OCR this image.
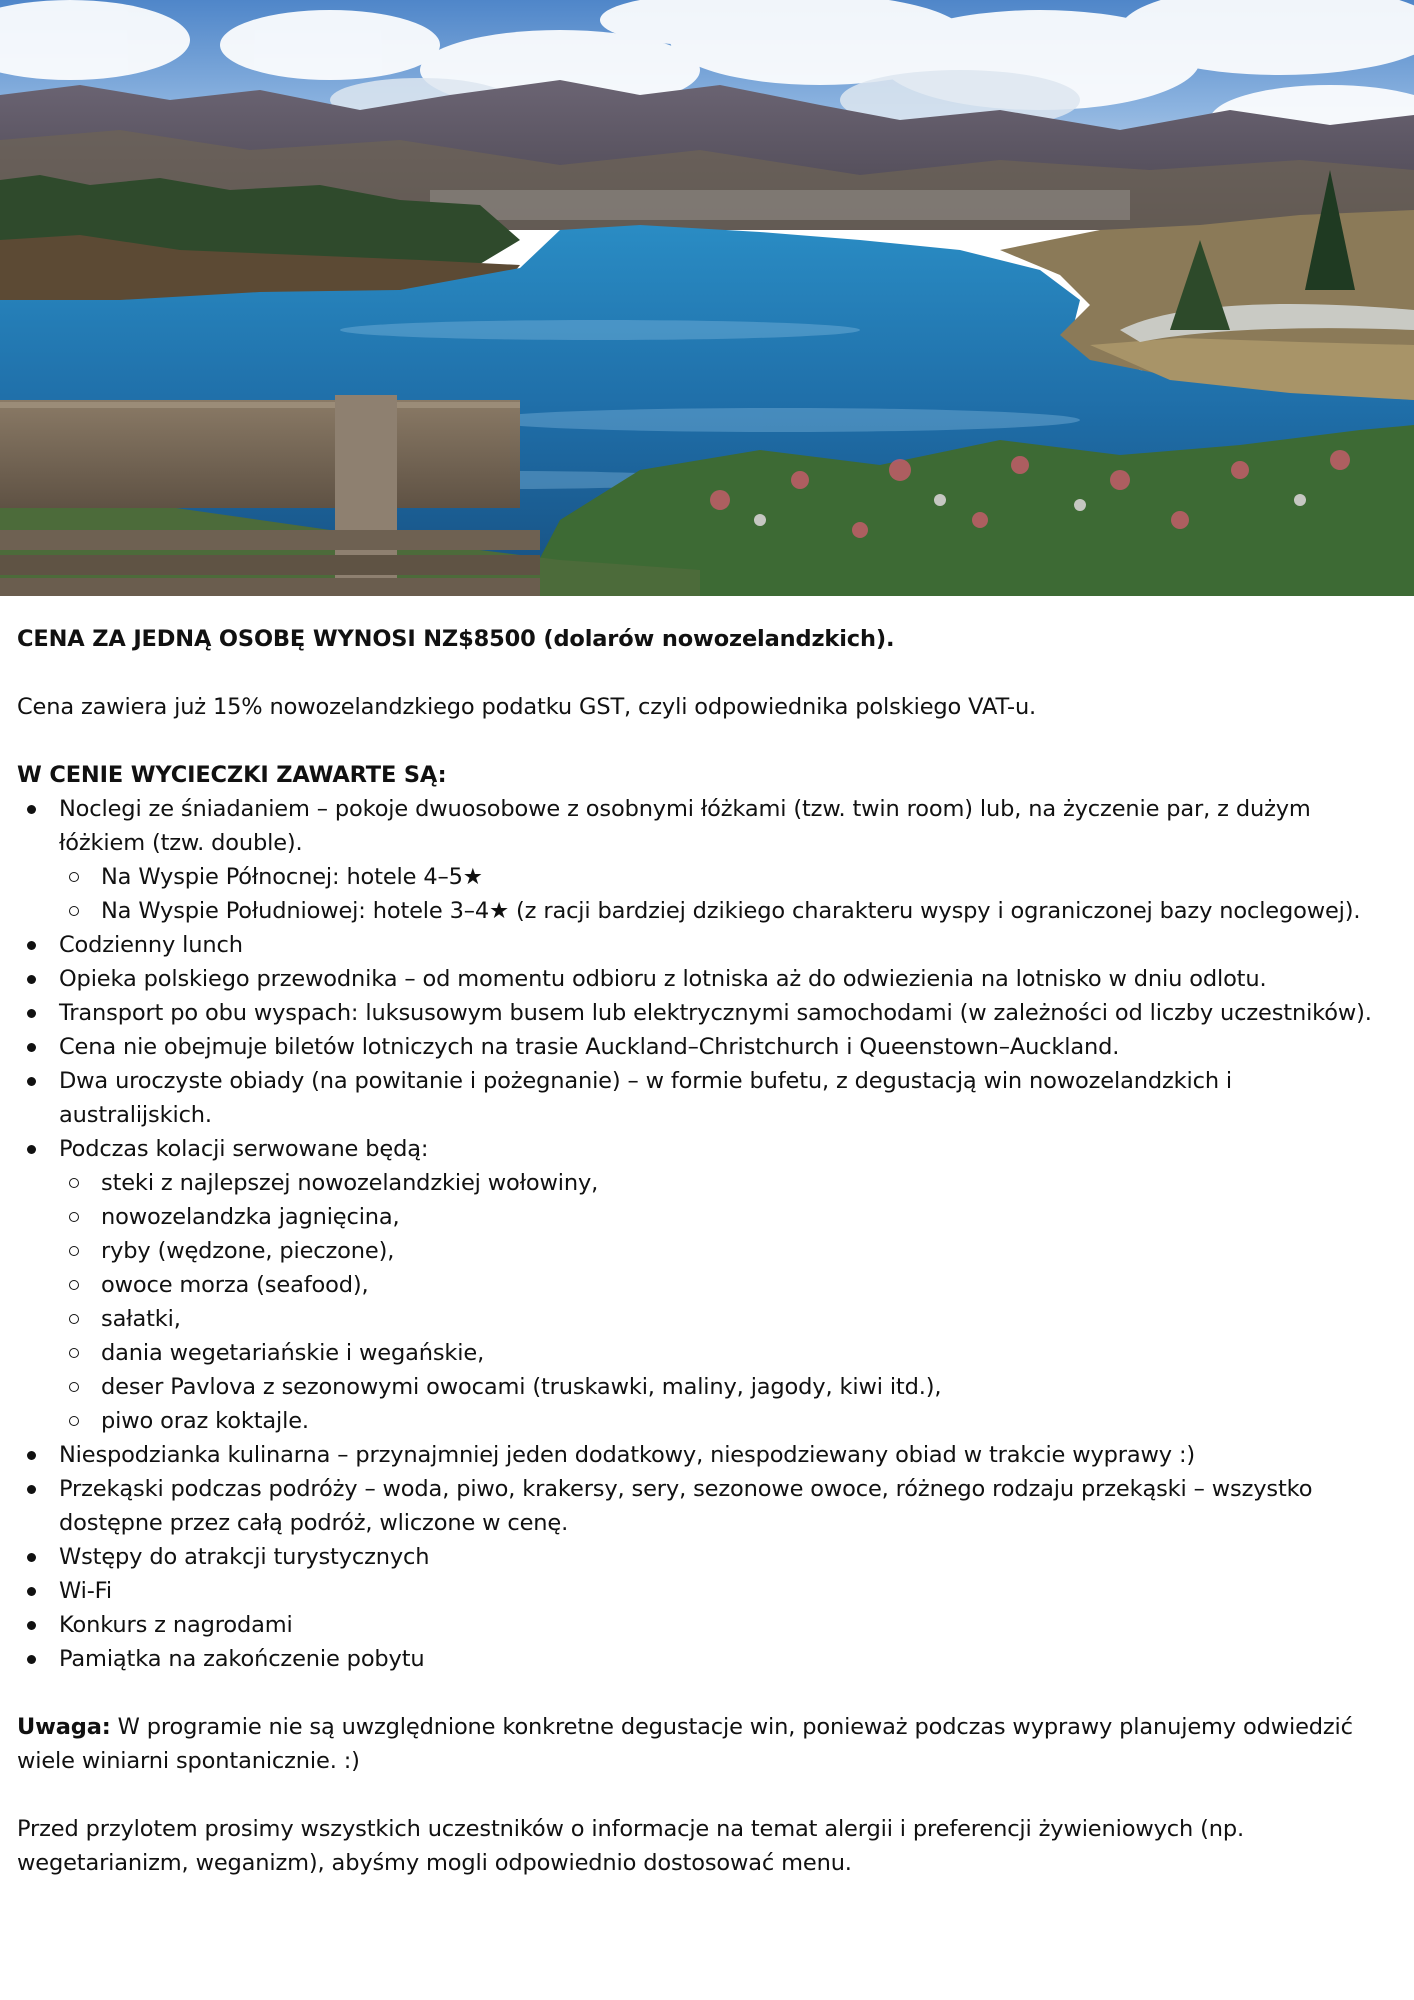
CENA ZA JEDNĄ OSOBĘ WYNOSI NZ$8500 (dolarów nowozelandzkich).

Cena zawiera już 15% nowozelandzkiego podatku GST, czyli odpowiednika polskiego VAT-u.

W CENIE WYCIECZKI ZAWARTE SĄ:

Noclegi ze śniadaniem – pokoje dwuosobowe z osobnymi łóżkami (tzw. twin room) lub, na życzenie par, z dużym łóżkiem (tzw. double).
Na Wyspie Północnej: hotele 4–5★
Na Wyspie Południowej: hotele 3–4★ (z racji bardziej dzikiego charakteru wyspy i ograniczonej bazy noclegowej).
Codzienny lunch
Opieka polskiego przewodnika – od momentu odbioru z lotniska aż do odwiezienia na lotnisko w dniu odlotu.
Transport po obu wyspach: luksusowym busem lub elektrycznymi samochodami (w zależności od liczby uczestników).
Cena nie obejmuje biletów lotniczych na trasie Auckland–Christchurch i Queenstown–Auckland.
Dwa uroczyste obiady (na powitanie i pożegnanie) – w formie bufetu, z degustacją win nowozelandzkich i australijskich.
Podczas kolacji serwowane będą:
steki z najlepszej nowozelandzkiej wołowiny,
nowozelandzka jagnięcina,
ryby (wędzone, pieczone),
owoce morza (seafood),
sałatki,
dania wegetariańskie i wegańskie,
deser Pavlova z sezonowymi owocami (truskawki, maliny, jagody, kiwi itd.),
piwo oraz koktajle.
Niespodzianka kulinarna – przynajmniej jeden dodatkowy, niespodziewany obiad w trakcie wyprawy :)
Przekąski podczas podróży – woda, piwo, krakersy, sery, sezonowe owoce, różnego rodzaju przekąski – wszystko dostępne przez całą podróż, wliczone w cenę.
Wstępy do atrakcji turystycznych
Wi-Fi
Konkurs z nagrodami
Pamiątka na zakończenie pobytu

Uwaga: W programie nie są uwzględnione konkretne degustacje win, ponieważ podczas wyprawy planujemy odwiedzić wiele winiarni spontanicznie. :)

Przed przylotem prosimy wszystkich uczestników o informacje na temat alergii i preferencji żywieniowych (np. wegetarianizm, weganizm), abyśmy mogli odpowiednio dostosować menu.
